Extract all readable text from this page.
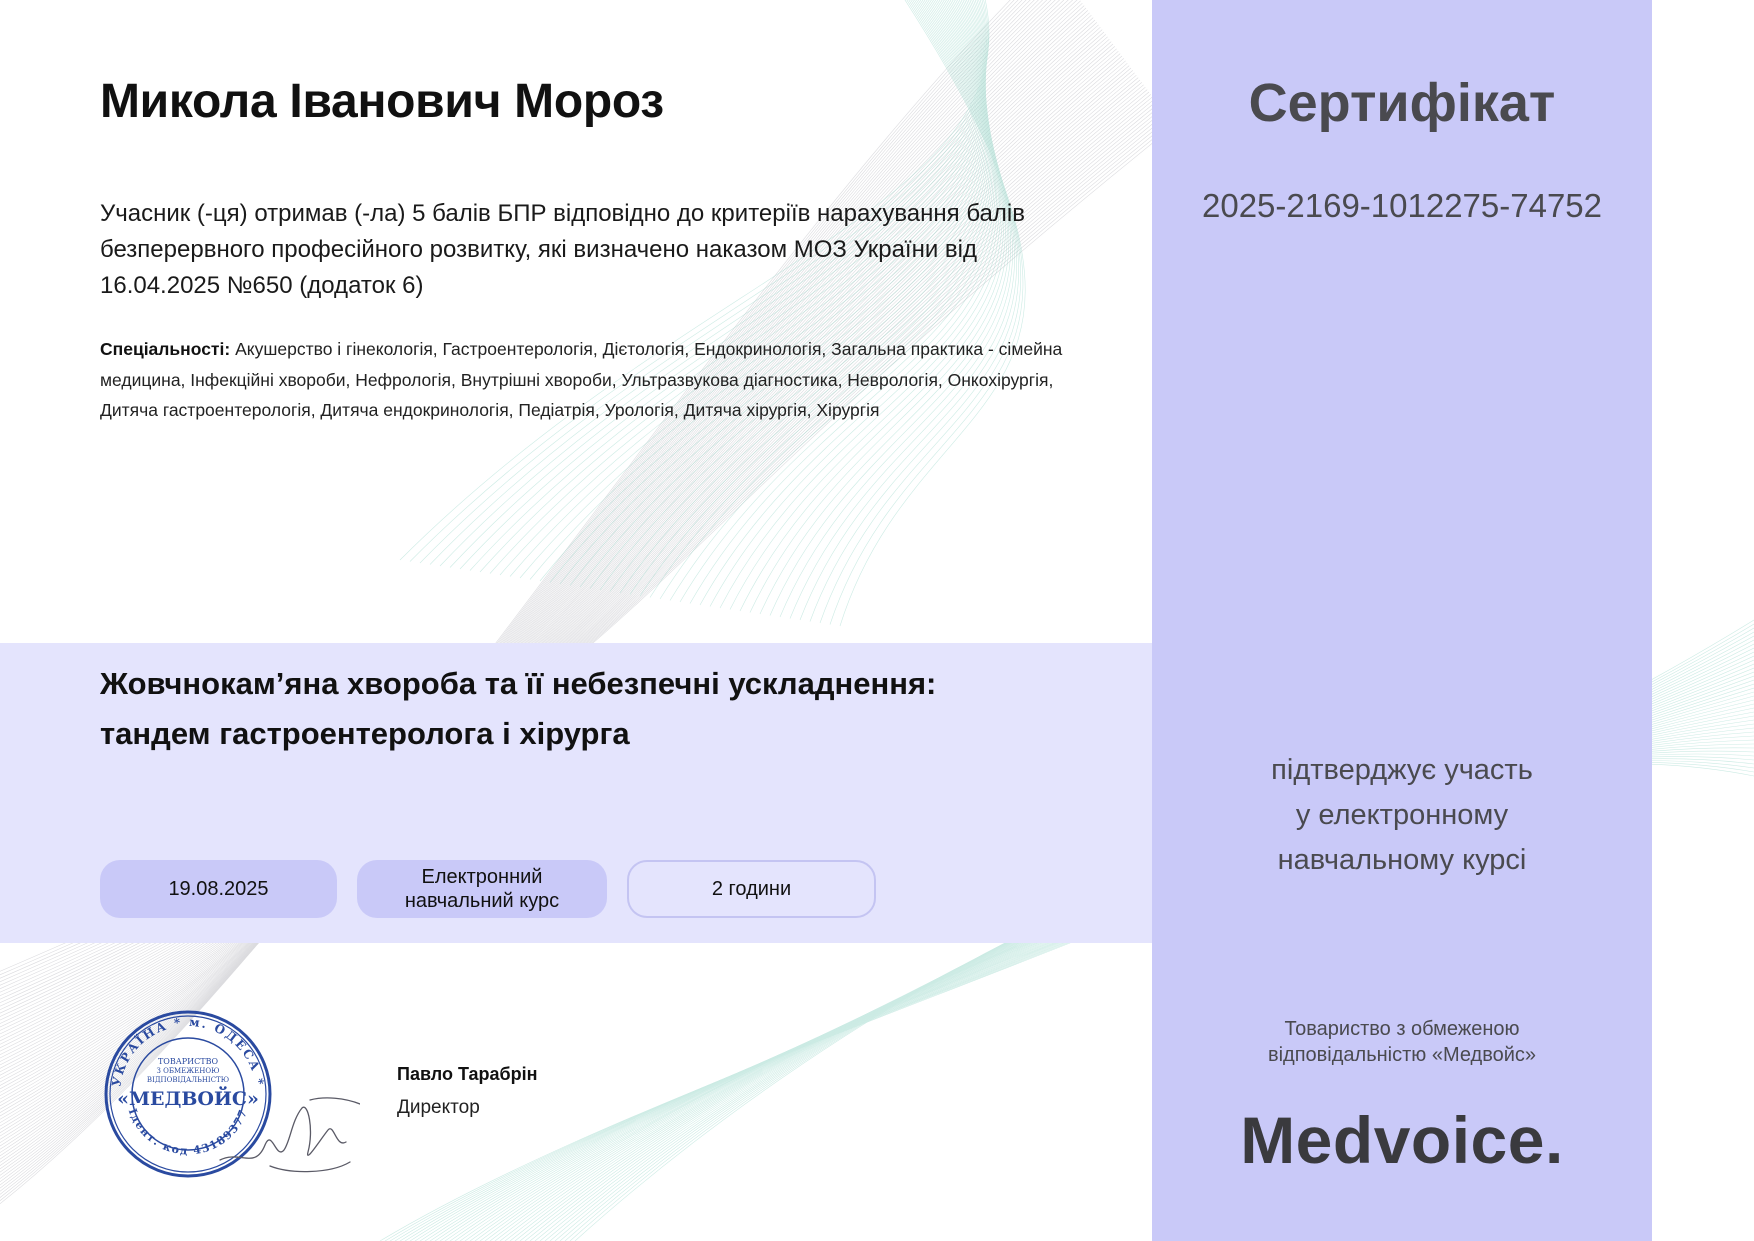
Микола Іванович Мороз

Учасник (-ця) отримав (-ла) 5 балів БПР відповідно до критеріїв нарахування балів безперервного професійного розвитку, які визначено наказом МОЗ України від 16.04.2025 №650 (додаток 6)

Спеціальності: Акушерство і гінекологія, Гастроентерологія, Дієтологія, Ендокринологія, Загальна практика - сімейна медицина, Інфекційні хвороби, Нефрологія, Внутрішні хвороби, Ультразвукова діагностика, Неврологія, Онкохірургія, Дитяча гастроентерологія, Дитяча ендокринологія, Педіатрія, Урологія, Дитяча хірургія, Хірургія

Жовчнокам’яна хвороба та її небезпечні ускладнення:
тандем гастроентеролога і хірурга
19.08.2025
Електронний
навчальний курс
2 години
УКРАЇНА * м. ОДЕСА *
Ідент. код 43189377
ТОВАРИСТВО
З ОБМЕЖЕНОЮ
ВІДПОВІДАЛЬНІСТЮ
«МЕДВОЙС»

Павло Тарабрін

Директор

Сертифікат

2025-2169-1012275-74752

підтверджує участь
у електронному
навчальному курсі

Товариство з обмеженою
відповідальністю «Медвойс»

Medvoice.
